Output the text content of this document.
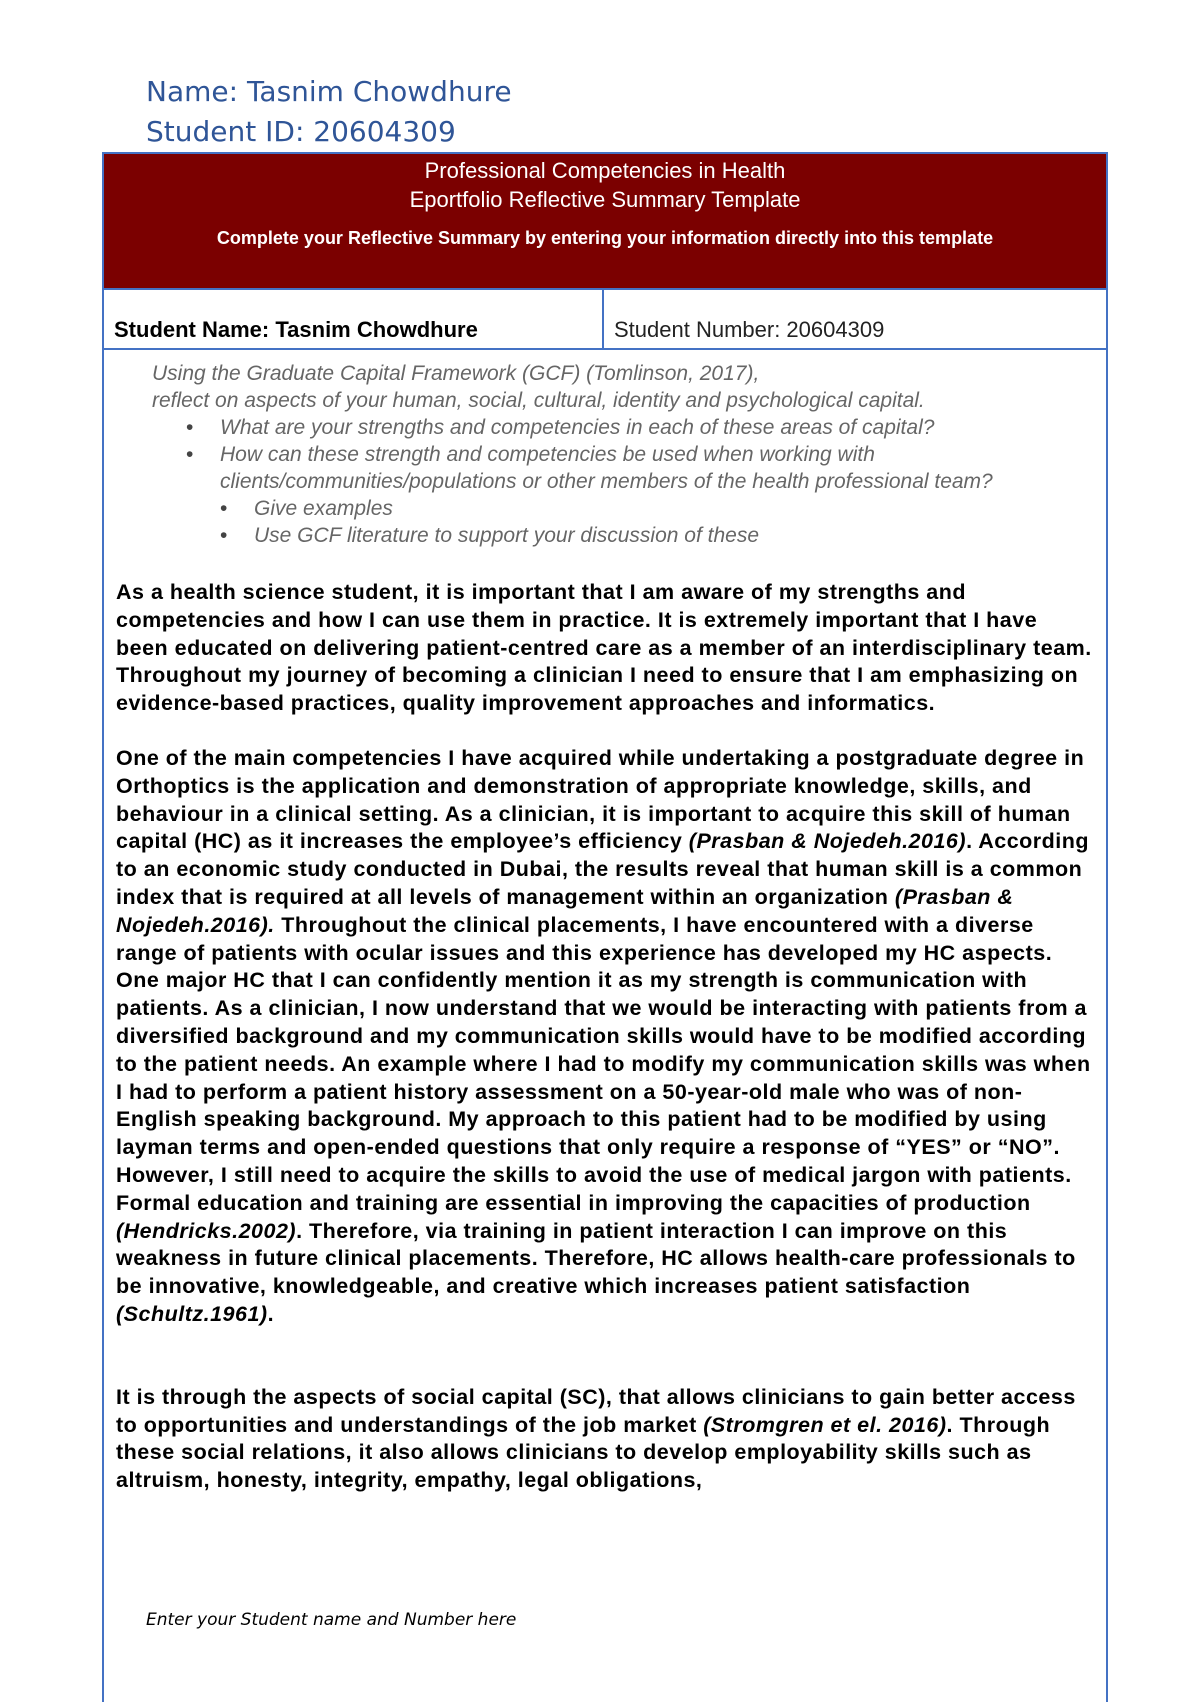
Name: Tasnim Chowdhure
Student ID: 20604309
Professional Competencies in Health
Eportfolio Reflective Summary Template
Complete your Reflective Summary by entering your information directly into this template
Student Name: Tasnim Chowdhure	Student Number: 20604309
Using the Graduate Capital Framework (GCF) (Tomlinson, 2017),
reflect on aspects of your human, social, cultural, identity and psychological capital.
• What are your strengths and competencies in each of these areas of capital?
• How can these strength and competencies be used when working with clients/communities/populations or other members of the health professional team?
• Give examples
• Use GCF literature to support your discussion of these

As a health science student, it is important that I am aware of my strengths and competencies and how I can use them in practice. It is extremely important that I have been educated on delivering patient-centred care as a member of an interdisciplinary team. Throughout my journey of becoming a clinician I need to ensure that I am emphasizing on evidence-based practices, quality improvement approaches and informatics.

One of the main competencies I have acquired while undertaking a postgraduate degree in Orthoptics is the application and demonstration of appropriate knowledge, skills, and behaviour in a clinical setting. As a clinician, it is important to acquire this skill of human capital (HC) as it increases the employee’s efficiency (Prasban & Nojedeh.2016). According to an economic study conducted in Dubai, the results reveal that human skill is a common index that is required at all levels of management within an organization (Prasban & Nojedeh.2016). Throughout the clinical placements, I have encountered with a diverse range of patients with ocular issues and this experience has developed my HC aspects. One major HC that I can confidently mention it as my strength is communication with patients. As a clinician, I now understand that we would be interacting with patients from a diversified background and my communication skills would have to be modified according to the patient needs. An example where I had to modify my communication skills was when I had to perform a patient history assessment on a 50-year-old male who was of non-English speaking background. My approach to this patient had to be modified by using layman terms and open-ended questions that only require a response of “YES” or “NO”. However, I still need to acquire the skills to avoid the use of medical jargon with patients. Formal education and training are essential in improving the capacities of production (Hendricks.2002). Therefore, via training in patient interaction I can improve on this weakness in future clinical placements. Therefore, HC allows health-care professionals to be innovative, knowledgeable, and creative which increases patient satisfaction (Schultz.1961).

It is through the aspects of social capital (SC), that allows clinicians to gain better access to opportunities and understandings of the job market (Stromgren et el. 2016). Through these social relations, it also allows clinicians to develop employability skills such as altruism, honesty, integrity, empathy, legal obligations,

Enter your Student name and Number here
